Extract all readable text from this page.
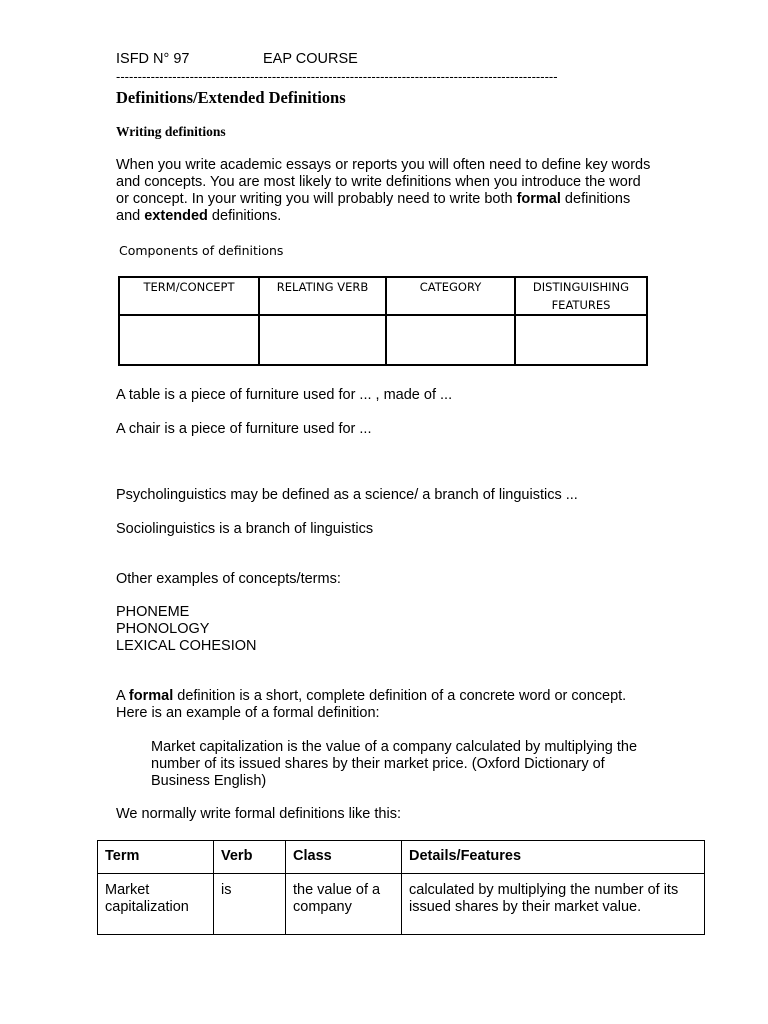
ISFD N° 97	EAP COURSE
------------------------------------------------------------------------------------------------------
Definitions/Extended Definitions
Writing definitions
When you write academic essays or reports you will often need to define key words and concepts. You are most likely to write definitions when you introduce the word or concept. In your writing you will probably need to write both formal definitions and extended definitions.
Components of definitions
TERM/CONCEPT	RELATING VERB	CATEGORY	DISTINGUISHING FEATURES

A table is a piece of furniture used for ... , made of ...
A chair is a piece of furniture used for ...
Psycholinguistics may be defined as a science/ a branch of linguistics ...
Sociolinguistics is a branch of linguistics
Other examples of concepts/terms:
PHONEME
PHONOLOGY
LEXICAL COHESION
A formal definition is a short, complete definition of a concrete word or concept. Here is an example of a formal definition:
Market capitalization is the value of a company calculated by multiplying the number of its issued shares by their market price. (Oxford Dictionary of Business English)
We normally write formal definitions like this:
Term	Verb	Class	Details/Features
Market capitalization	is	the value of a company	calculated by multiplying the number of its issued shares by their market value.
